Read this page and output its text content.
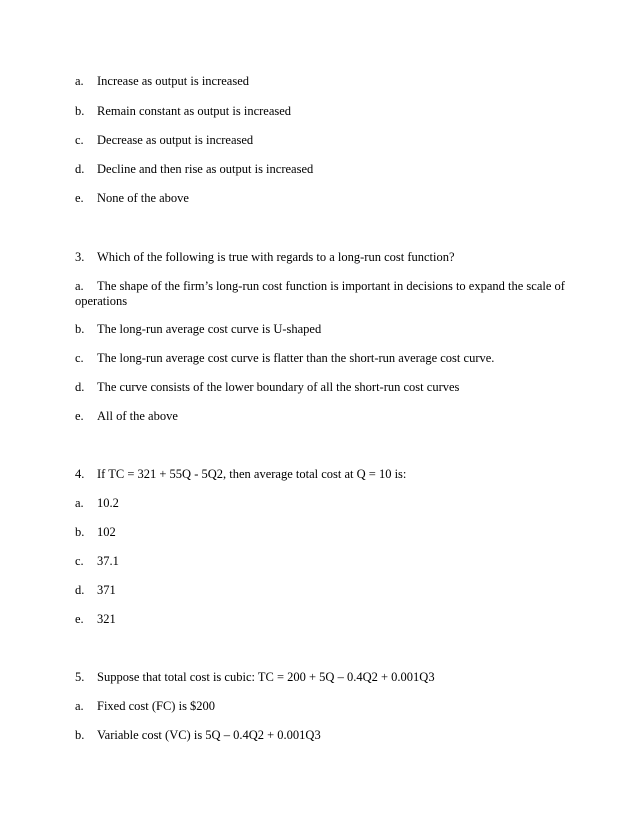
a. Increase as output is increased
b. Remain constant as output is increased
c. Decrease as output is increased
d. Decline and then rise as output is increased
e. None of the above
3. Which of the following is true with regards to a long-run cost function?
a. The shape of the firm’s long-run cost function is important in decisions to expand the scale of operations
b. The long-run average cost curve is U-shaped
c. The long-run average cost curve is flatter than the short-run average cost curve.
d. The curve consists of the lower boundary of all the short-run cost curves
e. All of the above
4. If TC = 321 + 55Q - 5Q2, then average total cost at Q = 10 is:
a. 10.2
b. 102
c. 37.1
d. 371
e. 321
5. Suppose that total cost is cubic: TC = 200 + 5Q – 0.4Q2 + 0.001Q3
a. Fixed cost (FC) is $200
b. Variable cost (VC) is 5Q – 0.4Q2 + 0.001Q3
